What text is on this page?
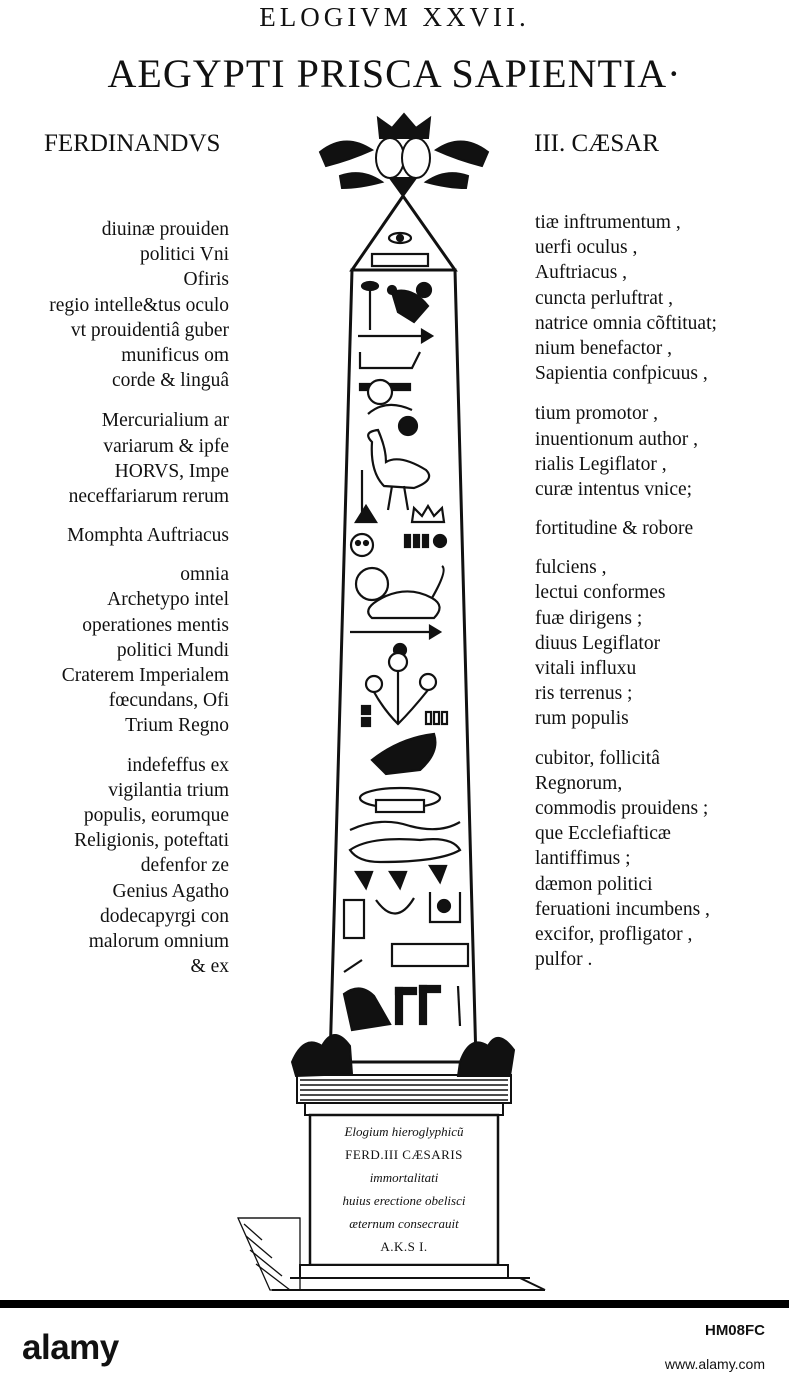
ELOGIVM XXVII.
AEGYPTI PRISCA SAPIENTIA·
FERDINANDVS	III. CÆSAR
diuinæ prouiden
politici Vni
Ofiris
regio intelle&tus oculo
vt prouidentiâ guber
munificus om
corde & linguâ
Mercurialium ar
variarum & ipfe
HORVS, Impe
neceffariarum rerum
Momphta Auftriacus
omnia
Archetypo intel
operationes mentis
politici Mundi
Craterem Imperialem
fœcundans, Ofi
Trium Regno
indefeffus ex
vigilantia trium
populis, eorumque
Religionis, poteftati
defenfor ze
Genius Agatho
dodecapyrgi con
malorum omnium
& ex
tiæ inftrumentum ,
uerfi oculus ,
Auftriacus ,
cuncta perluftrat ,
natrice omnia cõftituat;
nium benefactor ,
Sapientia confpicuus ,
tium promotor ,
inuentionum author ,
rialis Legiflator ,
curæ intentus vnice;
fortitudine & robore
fulciens ,
lectui conformes
fuæ dirigens ;
diuus Legiflator
vitali influxu
ris terrenus ;
rum populis
cubitor, follicitâ
Regnorum,
commodis prouidens ;
que Ecclefiafticæ
lantiffimus ;
dæmon politici
feruationi incumbens ,
excifor, profligator ,
pulfor .
Elogium hieroglyphicũ
FERD.III CÆSARIS
immortalitati
huius erectione obelisci
æternum consecrauit
A.K.S I.
alamy	HM08FC
www.alamy.com
